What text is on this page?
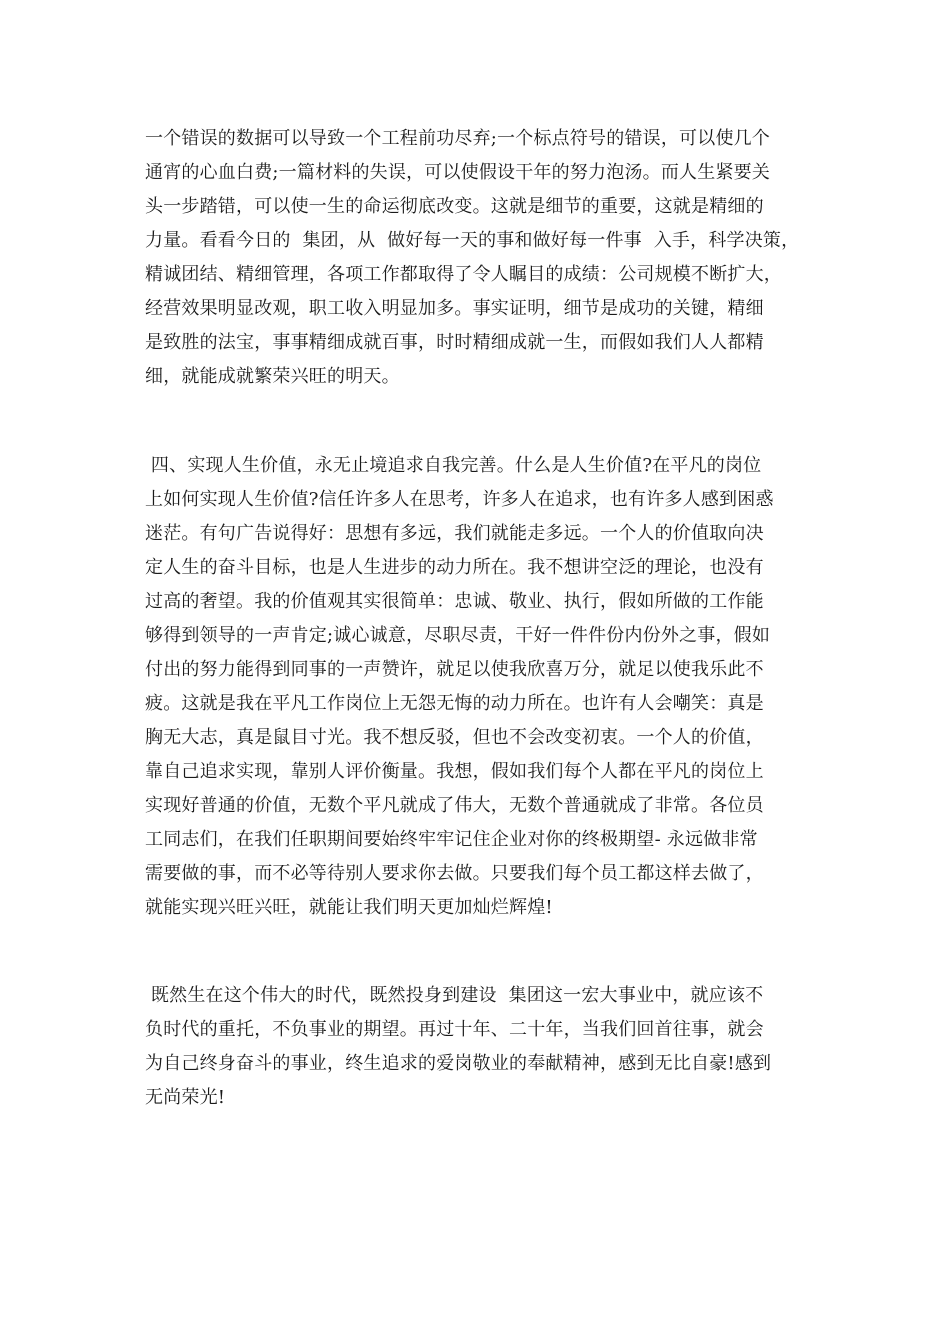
一个错误的数据可以导致一个工程前功尽弃;一个标点符号的错误，可以使几个
通宵的心血白费;一篇材料的失误，可以使假设干年的努力泡汤。而人生紧要关
头一步踏错，可以使一生的命运彻底改变。这就是细节的重要，这就是精细的
力量。看看今日的  集团，从  做好每一天的事和做好每一件事  入手，科学决策，
精诚团结、精细管理，各项工作都取得了令人瞩目的成绩：公司规模不断扩大，
经营效果明显改观，职工收入明显加多。事实证明，细节是成功的关键，精细
是致胜的法宝，事事精细成就百事，时时精细成就一生，而假如我们人人都精
细，就能成就繁荣兴旺的明天。
四、实现人生价值，永无止境追求自我完善。什么是人生价值?在平凡的岗位
上如何实现人生价值?信任许多人在思考，许多人在追求，也有许多人感到困惑
迷茫。有句广告说得好：思想有多远，我们就能走多远。一个人的价值取向决
定人生的奋斗目标，也是人生进步的动力所在。我不想讲空泛的理论，也没有
过高的奢望。我的价值观其实很简单：忠诚、敬业、执行，假如所做的工作能
够得到领导的一声肯定;诚心诚意，尽职尽责，干好一件件份内份外之事，假如
付出的努力能得到同事的一声赞许，就足以使我欣喜万分，就足以使我乐此不
疲。这就是我在平凡工作岗位上无怨无悔的动力所在。也许有人会嘲笑：真是
胸无大志，真是鼠目寸光。我不想反驳，但也不会改变初衷。一个人的价值，
靠自己追求实现，靠别人评价衡量。我想，假如我们每个人都在平凡的岗位上
实现好普通的价值，无数个平凡就成了伟大，无数个普通就成了非常。各位员
工同志们，在我们任职期间要始终牢牢记住企业对你的终极期望- 永远做非常
需要做的事，而不必等待别人要求你去做。只要我们每个员工都这样去做了，
就能实现兴旺兴旺，就能让我们明天更加灿烂辉煌!
既然生在这个伟大的时代，既然投身到建设  集团这一宏大事业中，就应该不
负时代的重托，不负事业的期望。再过十年、二十年，当我们回首往事，就会
为自己终身奋斗的事业，终生追求的爱岗敬业的奉献精神，感到无比自豪!感到
无尚荣光!
